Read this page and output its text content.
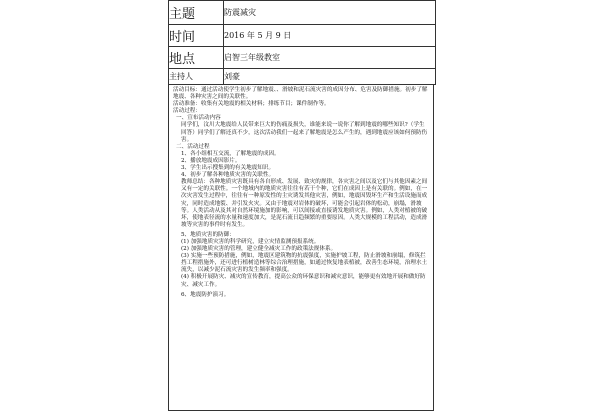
主题	防震减灾
时间	2016 年 5 月 9 日
地点	启智三年级教室
主持人	刘豪

活动目标：通过活动使学生初步了解地震、、滑坡和泥石流灾害的成因分布、危害及防御措施。初步了解地震、各种灾害之间的关联性。

活动准备：收集有关地震的相关材料；排练节目；课件制作等。

活动过程：

一、宣布活动内容

同学们，汶川大地震给人民带来巨大的伤痛及损失，谁能来说一说你了解到地震的哪些知识?（学生回答）同学们了解还真不少，这次活动我们一起来了解地震是怎么产生的，遇到地震应该如何预防伤害。

二、活动过程

1、各小组相互交流，了解地震的成因。

2、播放地震成因影片。

3、学生出示搜集到的有关地震知识。

4、初步了解各种地质灾害的关联性。

教师总结：各种地质灾害既具有各自形成、发展、致灾的规律，各灾害之间以及它们与其他因素之间又有一定的关联性。一个地域内的地质灾害往往有若干个种，它们在成因上是有关联的。例如，在一次灾害发生过程中，往往有一种原发性的主灾诱发其他灾害，例如，地震因毁坏生产和生活设施而成灾，同时造成地裂、并引发火灾。又由于地震对岩体的破坏，可能会引起岩体的松动，崩塌，滑坡等。人类活动从及其对自然环境施加的影响，可以间接或直接诱发地质灾害。例如，人类对植被的破坏，使地表径流的水量和速度加大，是泥石流日趋频繁的重要原因。人类大规模的工程活动，造成滑坡等灾害的事件时有发生。

5、地质灾害的防御：

(1) 加强地质灾害的科学研究，建立灾情监测预报系统。

(2) 加强地质灾害的管理，建立健全减灾工作的政策法规体系。

(3) 实施一些预防措施，例如，地震区建筑物的抗震强度，实施护坡工程，防止滑坡和崩塌，修筑拦挡工程措施外，还可进行植树造林等综合治理措施，如通过恢复地表植被，改善生态环境，治理水土流失，以减少泥石流灾害的发生频率和强度。

(4) 积极开展防灾、减灾的宣传教育，提高公众的环保意识和减灾意识，能够更有效地开展和做好防灾、减灾工作。

6、地震防护演习。
